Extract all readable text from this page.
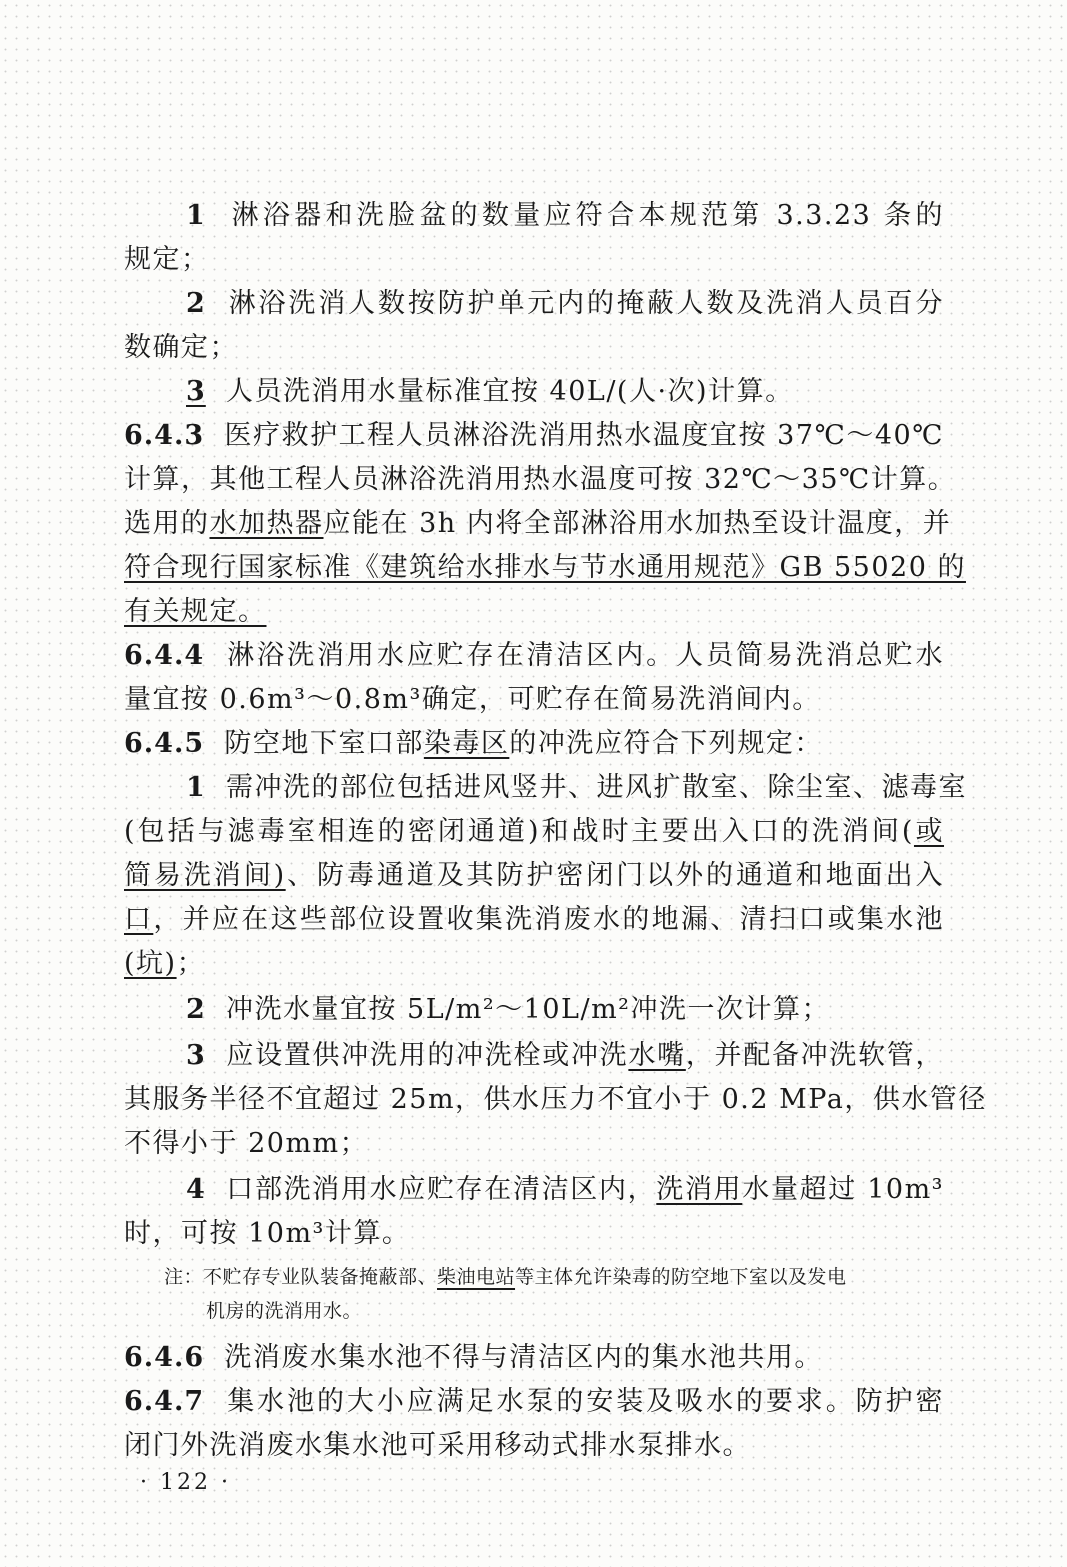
1 淋浴器和洗脸盆的数量应符合本规范第 3.3.23 条的
规定；
2 淋浴洗消人数按防护单元内的掩蔽人数及洗消人员百分
数确定；
3 人员洗消用水量标准宜按 40L/(人·次)计算。
6.4.3 医疗救护工程人员淋浴洗消用热水温度宜按 37℃～40℃
计算，其他工程人员淋浴洗消用热水温度可按 32℃～35℃计算。
选用的水加热器应能在 3h 内将全部淋浴用水加热至设计温度，并
符合现行国家标准《建筑给水排水与节水通用规范》GB 55020 的
有关规定。
6.4.4 淋浴洗消用水应贮存在清洁区内。人员简易洗消总贮水
量宜按 0.6m³～0.8m³确定，可贮存在简易洗消间内。
6.4.5 防空地下室口部染毒区的冲洗应符合下列规定：
1 需冲洗的部位包括进风竖井、进风扩散室、除尘室、滤毒室
(包括与滤毒室相连的密闭通道)和战时主要出入口的洗消间(或
简易洗消间)、防毒通道及其防护密闭门以外的通道和地面出入
口，并应在这些部位设置收集洗消废水的地漏、清扫口或集水池
(坑)；
2 冲洗水量宜按 5L/m²～10L/m²冲洗一次计算；
3 应设置供冲洗用的冲洗栓或冲洗水嘴，并配备冲洗软管，
其服务半径不宜超过 25m，供水压力不宜小于 0.2 MPa，供水管径
不得小于 20mm；
4 口部洗消用水应贮存在清洁区内，洗消用水量超过 10m³
时，可按 10m³计算。
注：不贮存专业队装备掩蔽部、柴油电站等主体允许染毒的防空地下室以及发电
机房的洗消用水。
6.4.6 洗消废水集水池不得与清洁区内的集水池共用。
6.4.7 集水池的大小应满足水泵的安装及吸水的要求。防护密
闭门外洗消废水集水池可采用移动式排水泵排水。
· 122 ·
